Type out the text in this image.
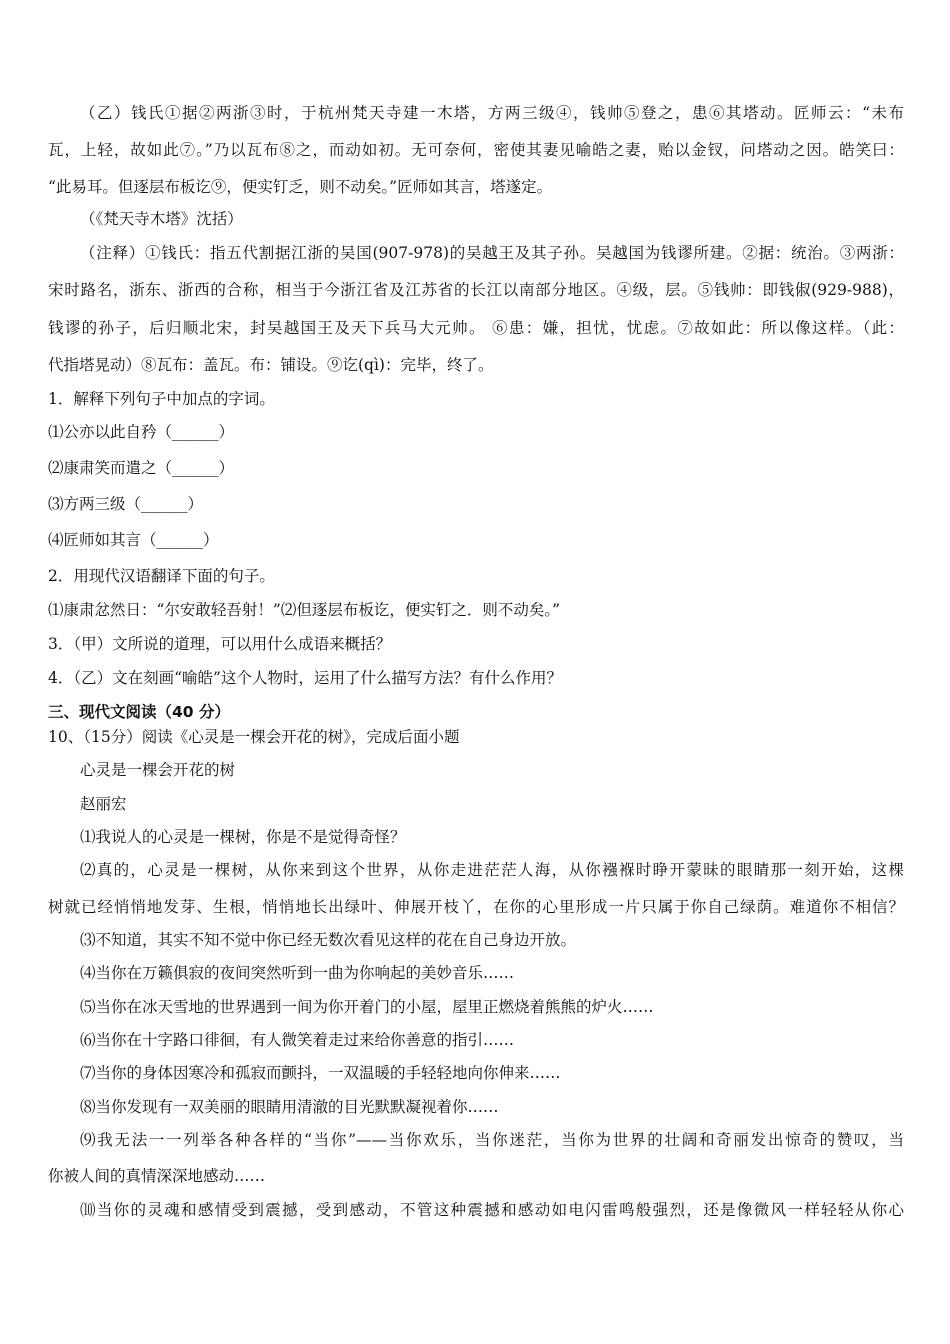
（乙）钱氏①据②两浙③时，于杭州梵天寺建一木塔，方两三级④，钱帅⑤登之，患⑥其塔动。匠师云：“未布
瓦，上轻，故如此⑦。”乃以瓦布⑧之，而动如初。无可奈何，密使其妻见喻皓之妻，贻以金钗，问塔动之因。皓笑曰：
“此易耳。但逐层布板讫⑨，便实钉乏，则不动矣。”匠师如其言，塔遂定。
（《梵天寺木塔》沈括）
（注释）①钱氏：指五代割据江浙的吴国(907-978)的吴越王及其子孙。吴越国为钱谬所建。②据：统治。③两浙：
宋时路名，浙东、浙西的合称，相当于今浙江省及江苏省的长江以南部分地区。④级，层。⑤钱帅：即钱俶(929-988)，
钱谬的孙子，后归顺北宋，封吴越国王及天下兵马大元帅。 ⑥患：嫌，担忧，忧虑。⑦故如此：所以像这样。（此：
代指塔晃动）⑧瓦布：盖瓦。布：铺设。⑨讫(qì)：完毕，终了。
1．解释下列句子中加点的字词。
⑴公亦以此自矜（______）
⑵康肃笑而遣之（______）
⑶方两三级（______）
⑷匠师如其言（______）
2．用现代汉语翻译下面的句子。
⑴康肃忿然日：“尔安敢轻吾射！”⑵但逐层布板讫，便实钉之．则不动矣。”
3．（甲）文所说的道理，可以用什么成语来概括？
4．（乙）文在刻画“喻皓”这个人物时，运用了什么描写方法？有什么作用？
三、现代文阅读（40 分）
10、（15分）阅读《心灵是一棵会开花的树》，完成后面小题
心灵是一棵会开花的树
赵丽宏
⑴我说人的心灵是一棵树，你是不是觉得奇怪？
⑵真的，心灵是一棵树，从你来到这个世界，从你走进茫茫人海，从你襁褓时睁开蒙昧的眼睛那一刻开始，这棵
树就已经悄悄地发芽、生根，悄悄地长出绿叶、伸展开枝丫，在你的心里形成一片只属于你自己绿荫。难道你不相信？
⑶不知道，其实不知不觉中你已经无数次看见这样的花在自己身边开放。
⑷当你在万籁俱寂的夜间突然听到一曲为你响起的美妙音乐……
⑸当你在冰天雪地的世界遇到一间为你开着门的小屋，屋里正燃烧着熊熊的炉火……
⑹当你在十字路口徘徊，有人微笑着走过来给你善意的指引……
⑺当你的身体因寒冷和孤寂而颤抖，一双温暖的手轻轻地向你伸来……
⑻当你发现有一双美丽的眼睛用清澈的目光默默凝视着你……
⑼我无法一一列举各种各样的“当你”——当你欢乐，当你迷茫，当你为世界的壮阔和奇丽发出惊奇的赞叹，当
你被人间的真情深深地感动……
⑽当你的灵魂和感情受到震撼，受到感动，不管这种震撼和感动如电闪雷鸣般强烈，还是像微风一样轻轻从你心
